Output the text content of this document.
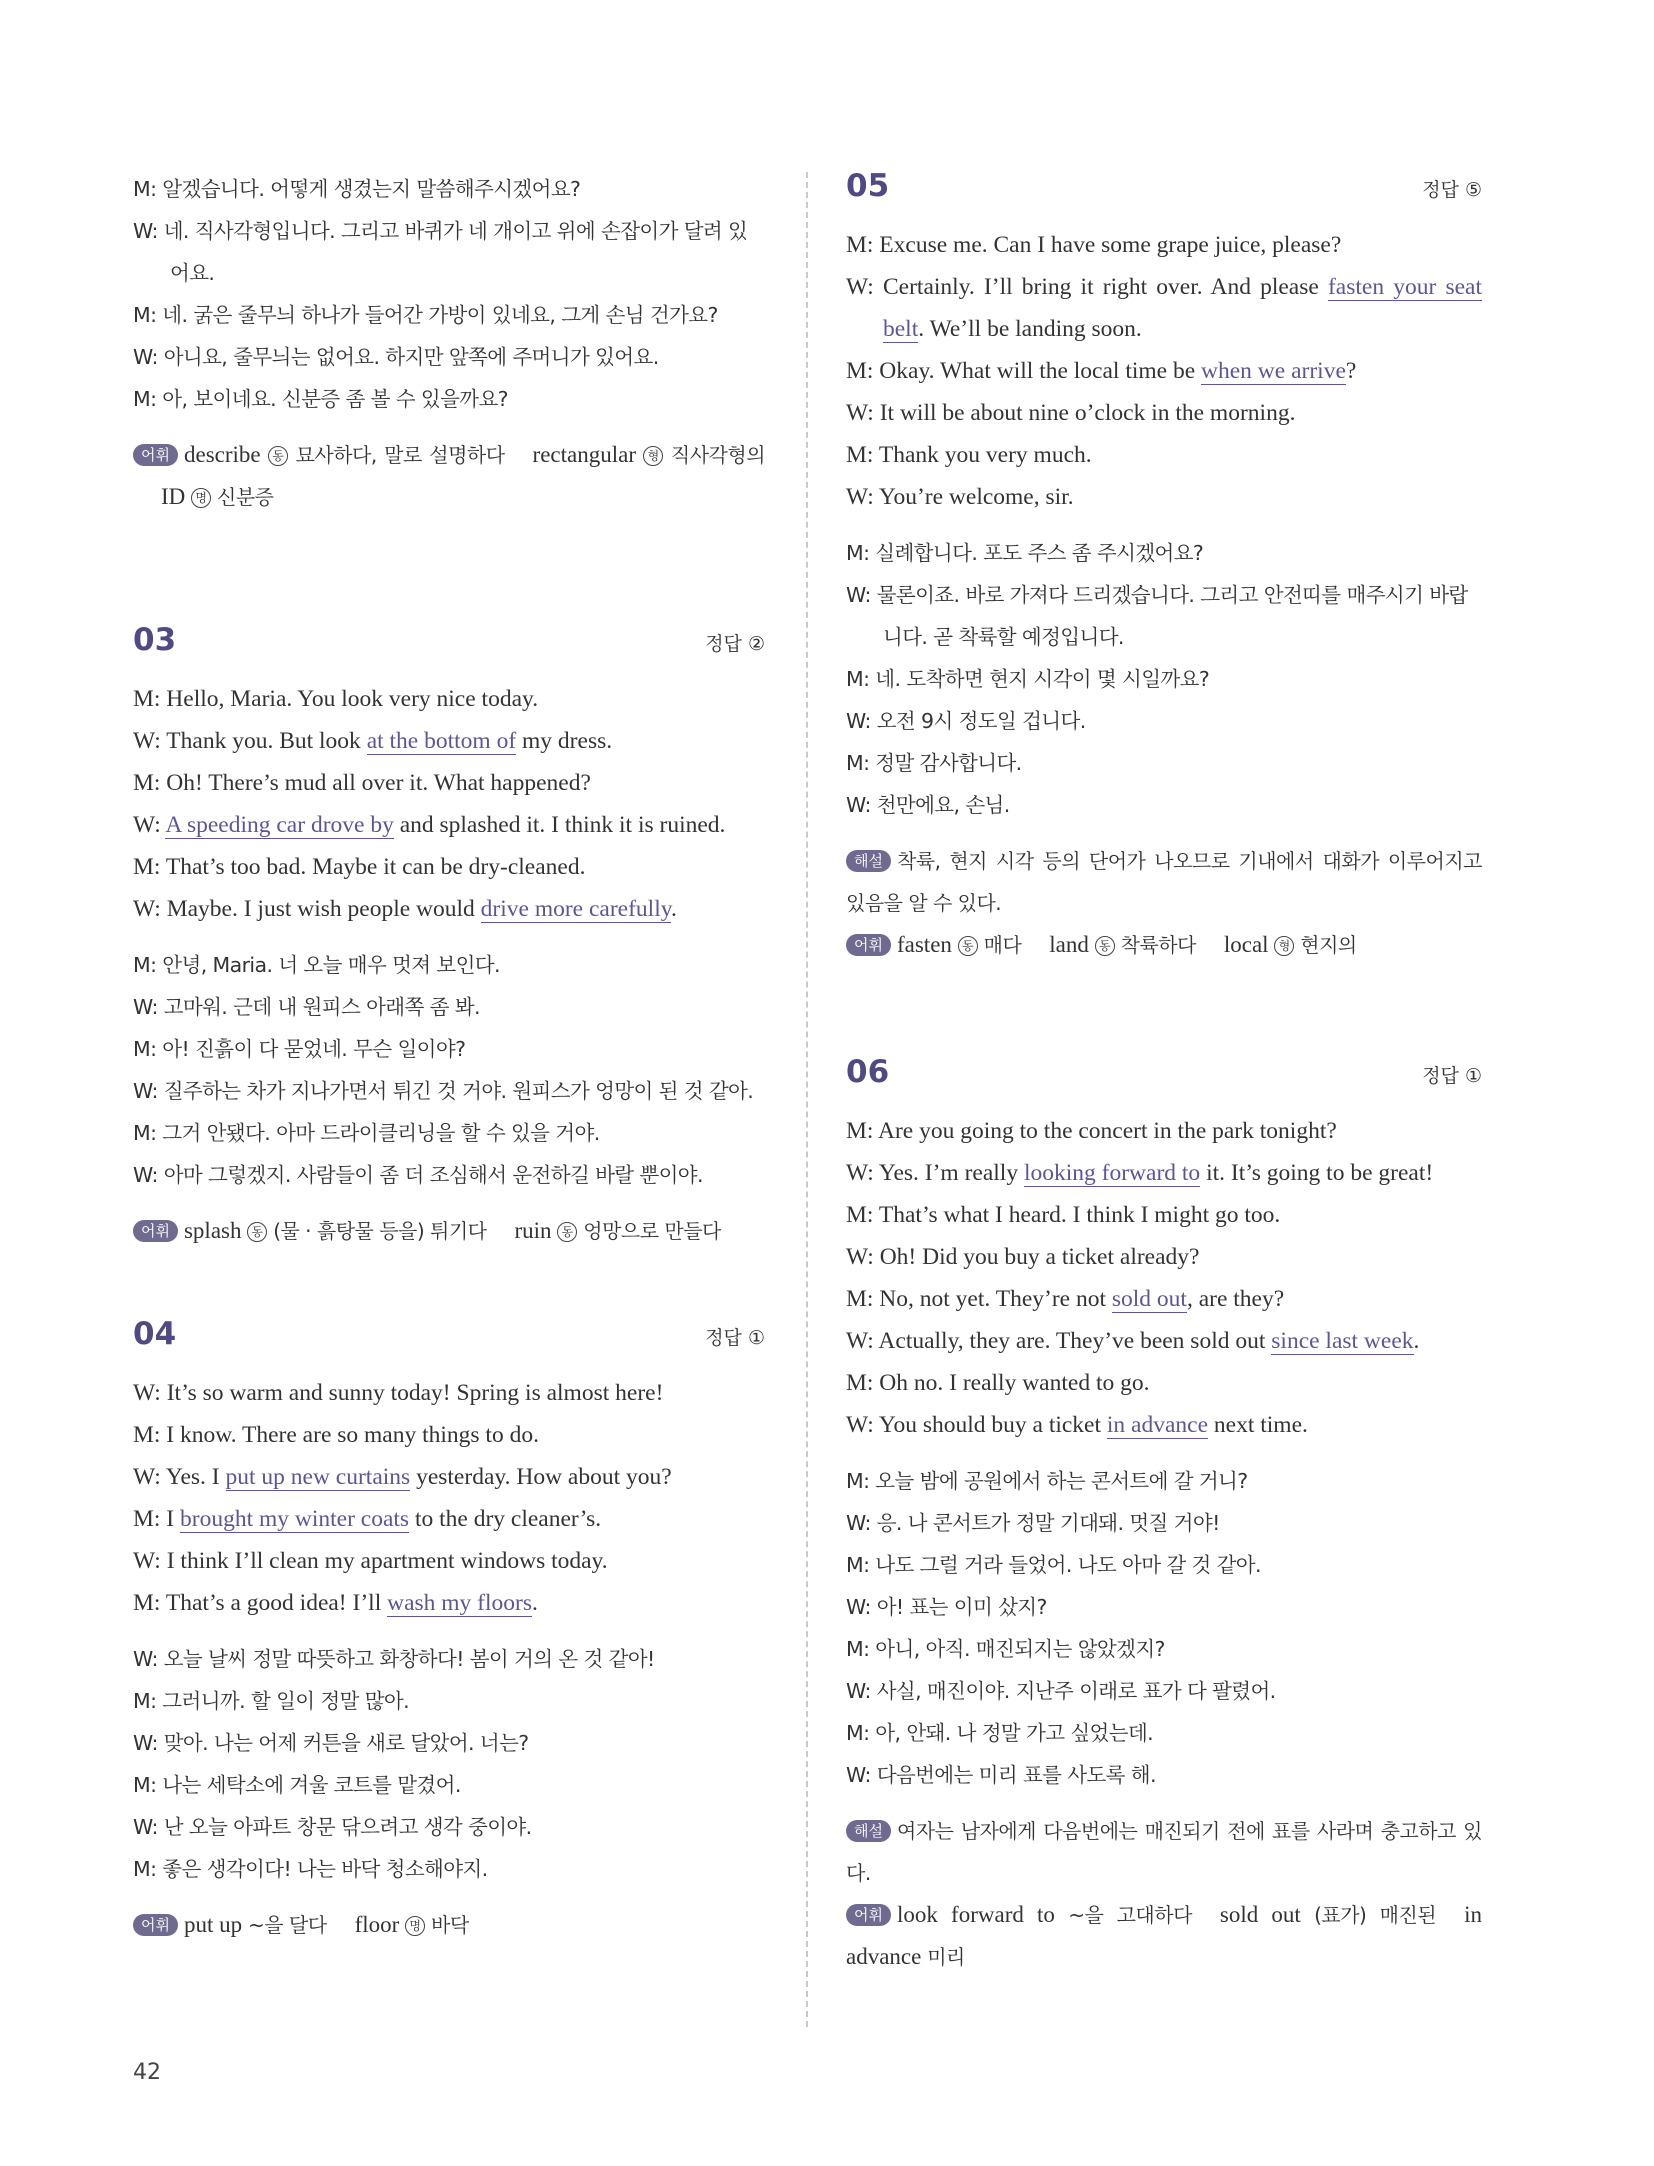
M: 알겠습니다. 어떻게 생겼는지 말씀해주시겠어요?
W: 네. 직사각형입니다. 그리고 바퀴가 네 개이고 위에 손잡이가 달려 있어요.
M: 네. 굵은 줄무늬 하나가 들어간 가방이 있네요, 그게 손님 건가요?
W: 아니요, 줄무늬는 없어요. 하지만 앞쪽에 주머니가 있어요.
M: 아, 보이네요. 신분증 좀 볼 수 있을까요?
어휘 describe 동 묘사하다, 말로 설명하다 rectangular 형 직사각형의ID 명 신분증
03	정답 ②
M: Hello, Maria. You look very nice today.
W: Thank you. But look at the bottom of my dress.
M: Oh! There’s mud all over it. What happened?
W: A speeding car drove by and splashed it. I think it is ruined.
M: That’s too bad. Maybe it can be dry-cleaned.
W: Maybe. I just wish people would drive more carefully.
M: 안녕, Maria. 너 오늘 매우 멋져 보인다.
W: 고마워. 근데 내 원피스 아래쪽 좀 봐.
M: 아! 진흙이 다 묻었네. 무슨 일이야?
W: 질주하는 차가 지나가면서 튀긴 것 거야. 원피스가 엉망이 된 것 같아.
M: 그거 안됐다. 아마 드라이클리닝을 할 수 있을 거야.
W: 아마 그렇겠지. 사람들이 좀 더 조심해서 운전하길 바랄 뿐이야.
어휘 splash 동 (물 · 흙탕물 등을) 튀기다 ruin 동 엉망으로 만들다
04	정답 ①
W: It’s so warm and sunny today! Spring is almost here!
M: I know. There are so many things to do.
W: Yes. I put up new curtains yesterday. How about you?
M: I brought my winter coats to the dry cleaner’s.
W: I think I’ll clean my apartment windows today.
M: That’s a good idea! I’ll wash my floors.
W: 오늘 날씨 정말 따뜻하고 화창하다! 봄이 거의 온 것 같아!
M: 그러니까. 할 일이 정말 많아.
W: 맞아. 나는 어제 커튼을 새로 달았어. 너는?
M: 나는 세탁소에 겨울 코트를 맡겼어.
W: 난 오늘 아파트 창문 닦으려고 생각 중이야.
M: 좋은 생각이다! 나는 바닥 청소해야지.
어휘 put up ~을 달다 floor 명 바닥
05	정답 ⑤
M: Excuse me. Can I have some grape juice, please?
W: Certainly. I’ll bring it right over. And please fasten your seat belt. We’ll be landing soon.
M: Okay. What will the local time be when we arrive?
W: It will be about nine o’clock in the morning.
M: Thank you very much.
W: You’re welcome, sir.
M: 실례합니다. 포도 주스 좀 주시겠어요?
W: 물론이죠. 바로 가져다 드리겠습니다. 그리고 안전띠를 매주시기 바랍니다. 곧 착륙할 예정입니다.
M: 네. 도착하면 현지 시각이 몇 시일까요?
W: 오전 9시 정도일 겁니다.
M: 정말 감사합니다.
W: 천만에요, 손님.
해설 착륙, 현지 시각 등의 단어가 나오므로 기내에서 대화가 이루어지고 있음을 알 수 있다.
어휘 fasten 동 매다 land 동 착륙하다 local 형 현지의
06	정답 ①
M: Are you going to the concert in the park tonight?
W: Yes. I’m really looking forward to it. It’s going to be great!
M: That’s what I heard. I think I might go too.
W: Oh! Did you buy a ticket already?
M: No, not yet. They’re not sold out, are they?
W: Actually, they are. They’ve been sold out since last week.
M: Oh no. I really wanted to go.
W: You should buy a ticket in advance next time.
M: 오늘 밤에 공원에서 하는 콘서트에 갈 거니?
W: 응. 나 콘서트가 정말 기대돼. 멋질 거야!
M: 나도 그럴 거라 들었어. 나도 아마 갈 것 같아.
W: 아! 표는 이미 샀지?
M: 아니, 아직. 매진되지는 않았겠지?
W: 사실, 매진이야. 지난주 이래로 표가 다 팔렸어.
M: 아, 안돼. 나 정말 가고 싶었는데.
W: 다음번에는 미리 표를 사도록 해.
해설 여자는 남자에게 다음번에는 매진되기 전에 표를 사라며 충고하고 있다.
어휘 look forward to ~을 고대하다 sold out (표가) 매진된 in advance 미리
42
